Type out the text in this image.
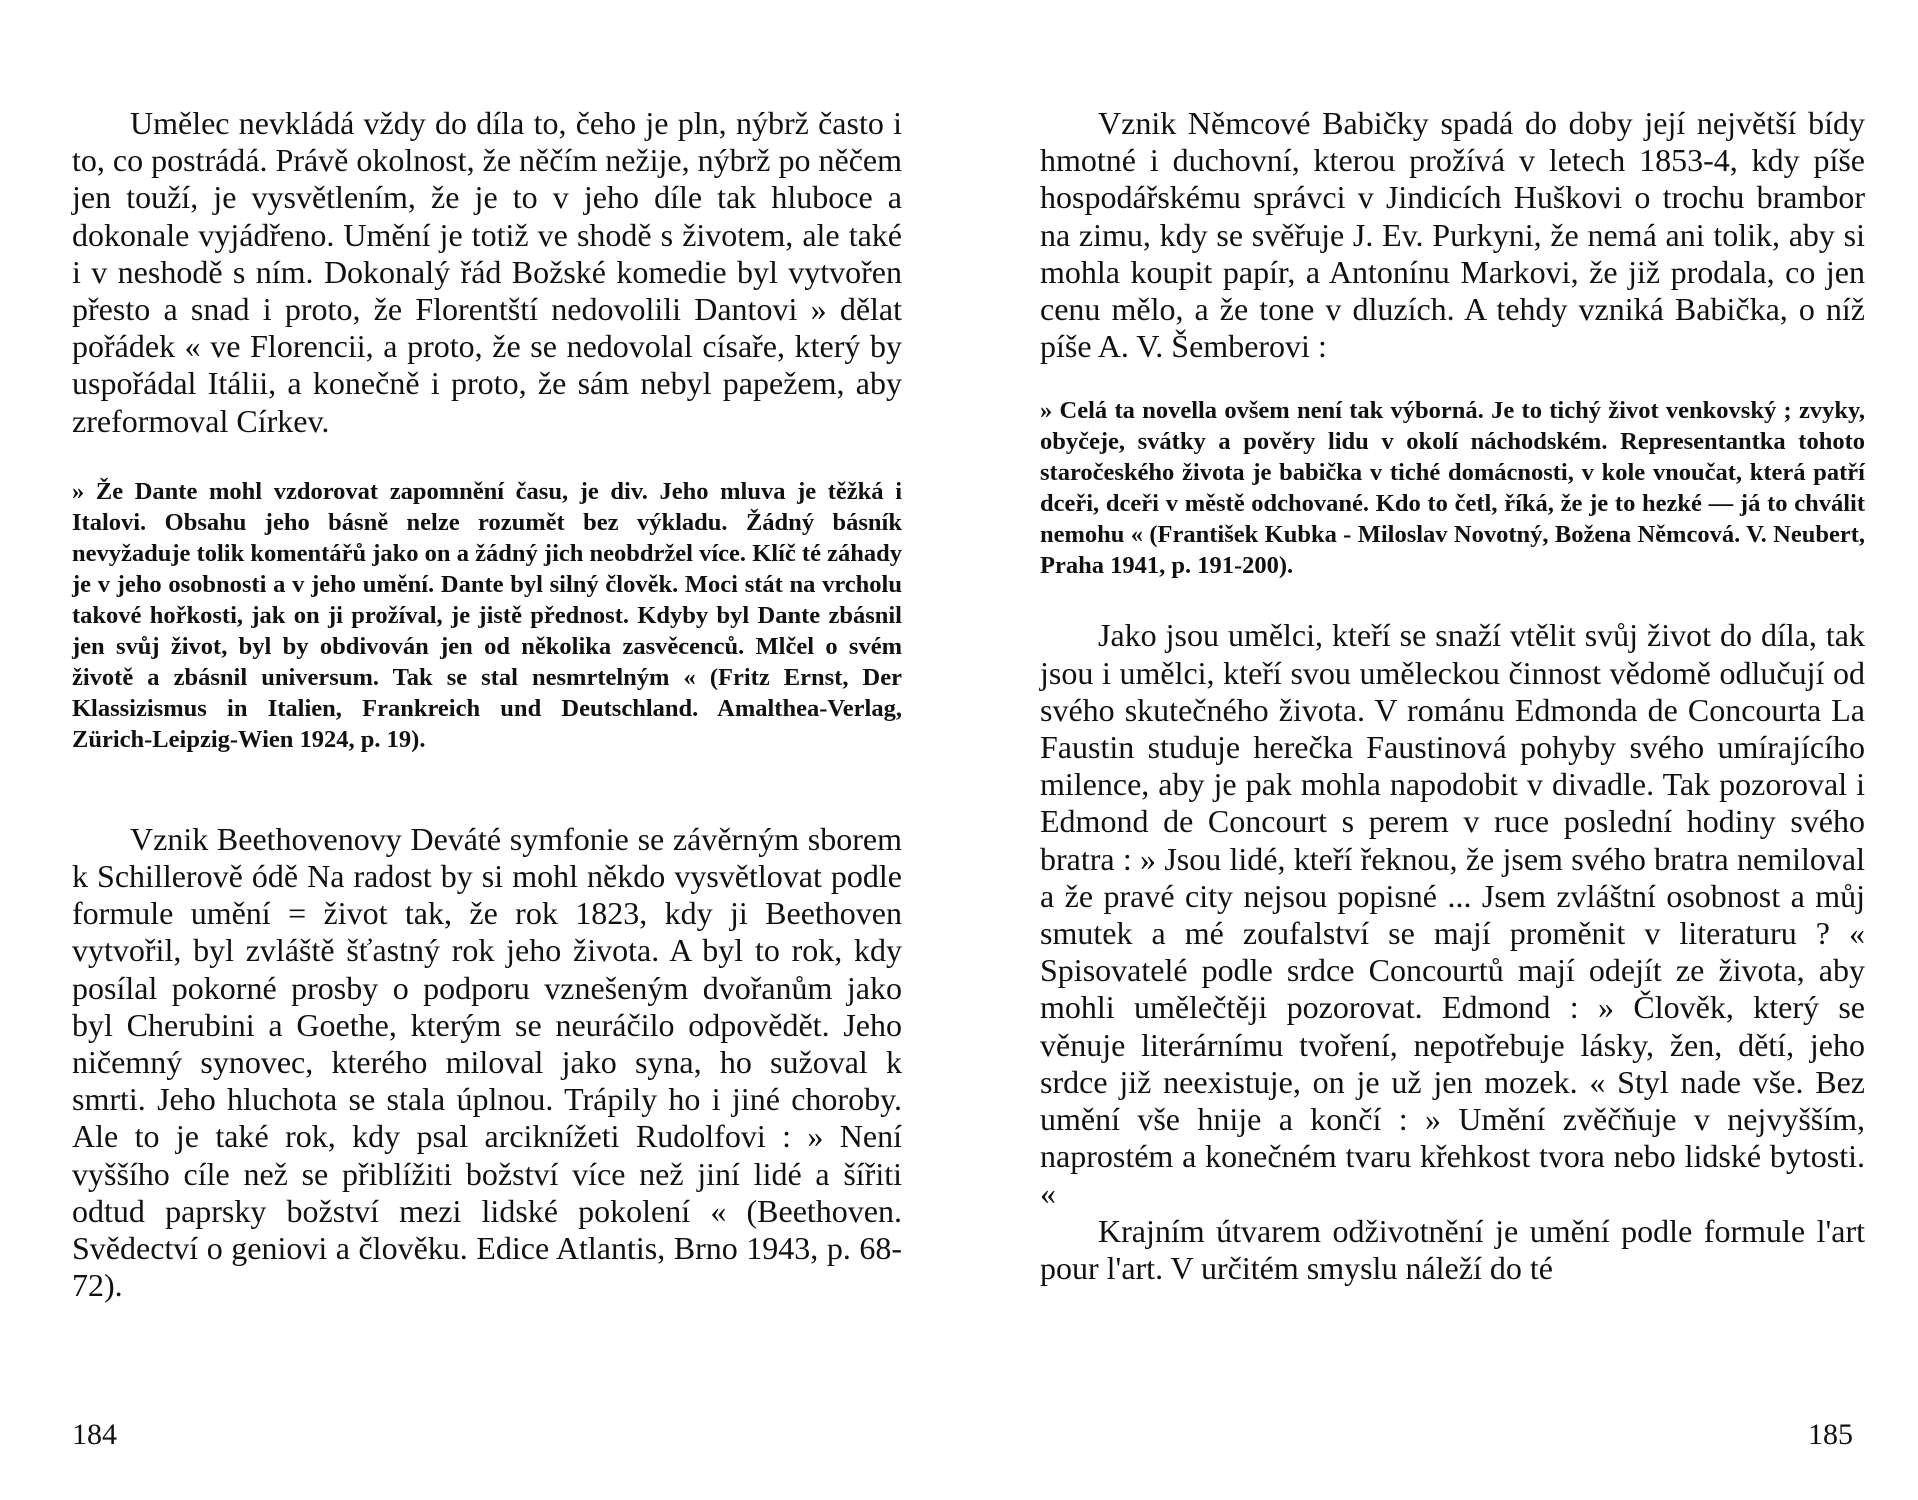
Umělec nevkládá vždy do díla to, čeho je pln, nýbrž často i to, co postrádá. Právě okolnost, že něčím nežije, nýbrž po něčem jen touží, je vysvětlením, že je to v jeho díle tak hluboce a dokonale vyjádřeno. Umění je totiž ve shodě s životem, ale také i v neshodě s ním. Dokonalý řád Božské komedie byl vytvořen přesto a snad i proto, že Florentští nedovolili Dantovi » dělat pořádek « ve Florencii, a proto, že se nedovolal císaře, který by uspořádal Itálii, a konečně i proto, že sám nebyl papežem, aby zreformoval Církev.

» Že Dante mohl vzdorovat zapomnění času, je div. Jeho mluva je těžká i Italovi. Obsahu jeho básně nelze rozumět bez výkladu. Žádný básník nevyžaduje tolik komentářů jako on a žádný jich neobdržel více. Klíč té záhady je v jeho osobnosti a v jeho umění. Dante byl silný člověk. Moci stát na vrcholu takové hořkosti, jak on ji prožíval, je jistě přednost. Kdyby byl Dante zbásnil jen svůj život, byl by obdivován jen od několika zasvěcenců. Mlčel o svém životě a zbásnil universum. Tak se stal nesmrtelným « (Fritz Ernst, Der Klassizismus in Italien, Frankreich und Deutschland. Amalthea-Verlag, Zürich-Leipzig-Wien 1924, p. 19).

Vznik Beethovenovy Deváté symfonie se závěrným sborem k Schillerově ódě Na radost by si mohl někdo vysvětlovat podle formule umění = život tak, že rok 1823, kdy ji Beethoven vytvořil, byl zvláště šťastný rok jeho života. A byl to rok, kdy posílal pokorné prosby o podporu vznešeným dvořanům jako byl Cherubini a Goethe, kterým se neuráčilo odpovědět. Jeho ničemný synovec, kterého miloval jako syna, ho sužoval k smrti. Jeho hluchota se stala úplnou. Trápily ho i jiné choroby. Ale to je také rok, kdy psal arciknížeti Rudolfovi : » Není vyššího cíle než se přiblížiti božství více než jiní lidé a šířiti odtud paprsky božství mezi lidské pokolení « (Beethoven. Svědectví o geniovi a člověku. Edice Atlantis, Brno 1943, p. 68-72).

184

Vznik Němcové Babičky spadá do doby její největší bídy hmotné i duchovní, kterou prožívá v letech 1853-4, kdy píše hospodářskému správci v Jindicích Huškovi o trochu brambor na zimu, kdy se svěřuje J. Ev. Purkyni, že nemá ani tolik, aby si mohla koupit papír, a Antonínu Markovi, že již prodala, co jen cenu mělo, a že tone v dluzích. A tehdy vzniká Babička, o níž píše A. V. Šemberovi :

» Celá ta novella ovšem není tak výborná. Je to tichý život venkovský ; zvyky, obyčeje, svátky a pověry lidu v okolí náchodském. Representantka tohoto staročeského života je babička v tiché domácnosti, v kole vnoučat, která patří dceři, dceři v městě odchované. Kdo to četl, říká, že je to hezké — já to chválit nemohu « (František Kubka - Miloslav Novotný, Božena Němcová. V. Neubert, Praha 1941, p. 191-200).

Jako jsou umělci, kteří se snaží vtělit svůj život do díla, tak jsou i umělci, kteří svou uměleckou činnost vědomě odlučují od svého skutečného života. V románu Edmonda de Concourta La Faustin studuje herečka Faustinová pohyby svého umírajícího milence, aby je pak mohla napodobit v divadle. Tak pozoroval i Edmond de Concourt s perem v ruce poslední hodiny svého bratra : » Jsou lidé, kteří řeknou, že jsem svého bratra nemiloval a že pravé city nejsou popisné ... Jsem zvláštní osobnost a můj smutek a mé zoufalství se mají proměnit v literaturu ? « Spisovatelé podle srdce Concourtů mají odejít ze života, aby mohli umělečtěji pozorovat. Edmond : » Člověk, který se věnuje literárnímu tvoření, nepotřebuje lásky, žen, dětí, jeho srdce již neexistuje, on je už jen mozek. « Styl nade vše. Bez umění vše hnije a končí : » Umění zvěčňuje v nejvyšším, naprostém a konečném tvaru křehkost tvora nebo lidské bytosti. «

Krajním útvarem odživotnění je umění podle formule l'art pour l'art. V určitém smyslu náleží do té

185
